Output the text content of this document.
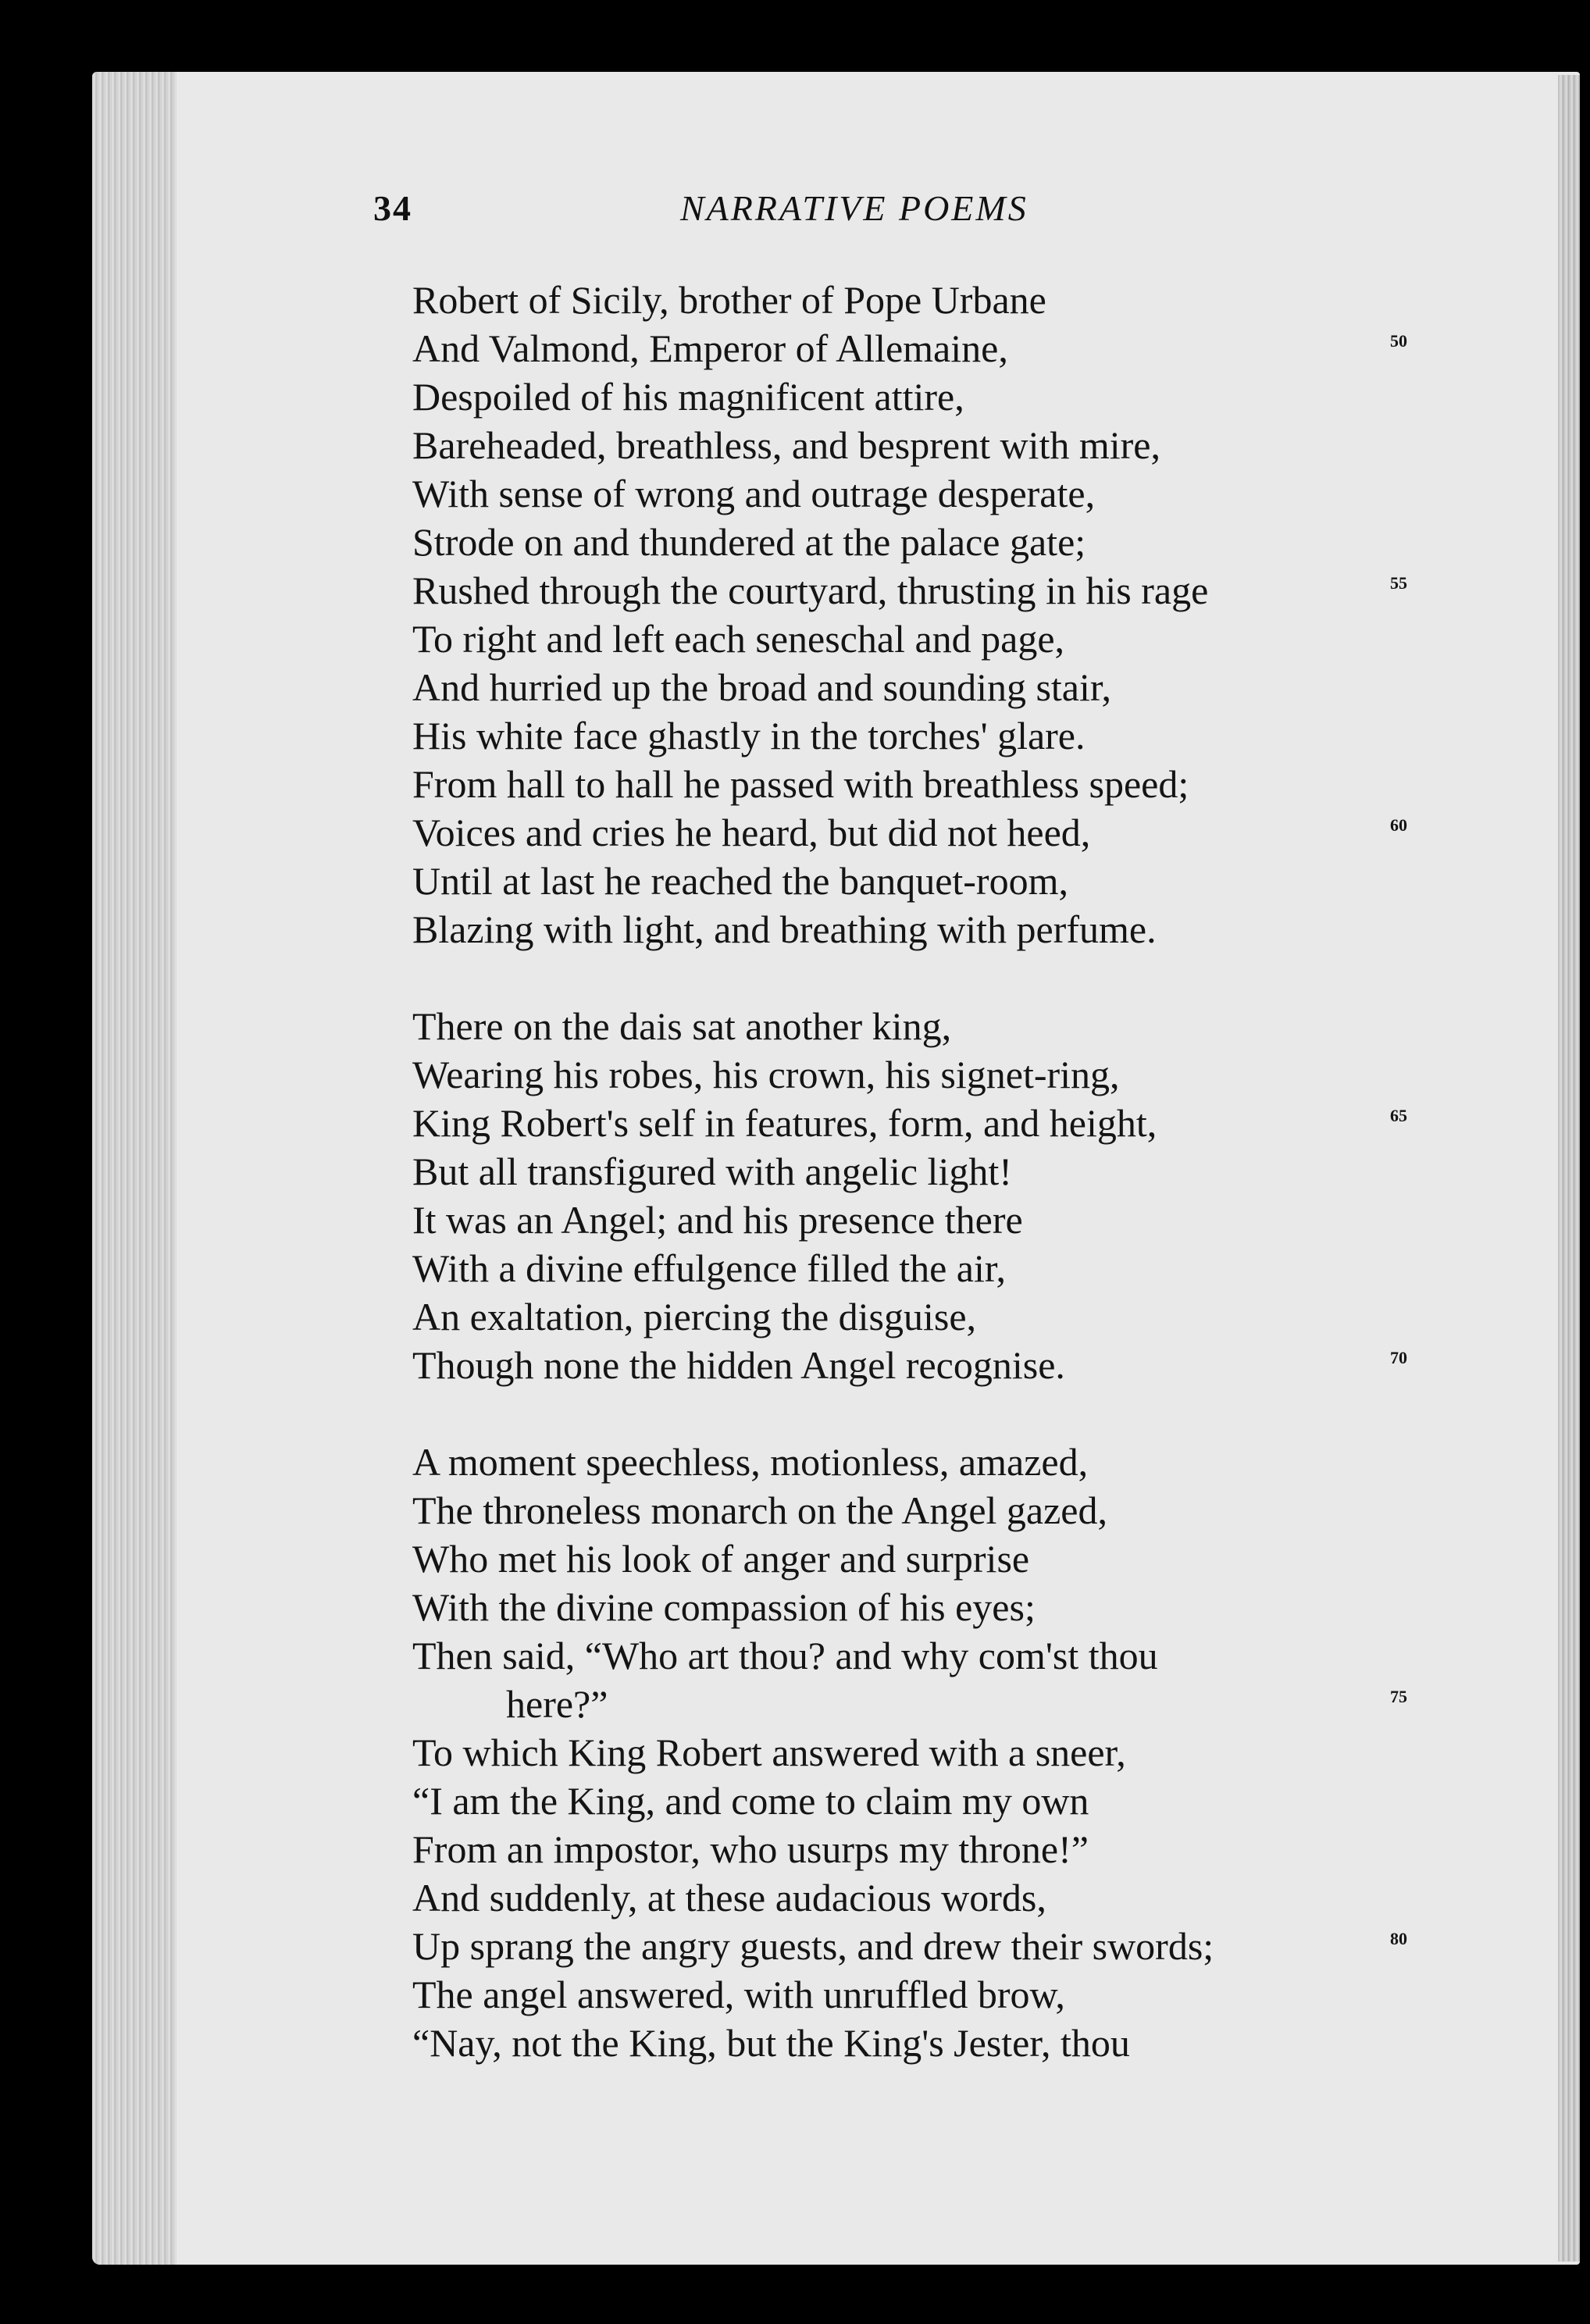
34	NARRATIVE POEMS
Robert of Sicily, brother of Pope Urbane
And Valmond, Emperor of Allemaine,	50
Despoiled of his magnificent attire,
Bareheaded, breathless, and besprent with mire,
With sense of wrong and outrage desperate,
Strode on and thundered at the palace gate;
Rushed through the courtyard, thrusting in his rage	55
To right and left each seneschal and page,
And hurried up the broad and sounding stair,
His white face ghastly in the torches' glare.
From hall to hall he passed with breathless speed;
Voices and cries he heard, but did not heed,	60
Until at last he reached the banquet-room,
Blazing with light, and breathing with perfume.
There on the dais sat another king,
Wearing his robes, his crown, his signet-ring,
King Robert's self in features, form, and height,	65
But all transfigured with angelic light!
It was an Angel; and his presence there
With a divine effulgence filled the air,
An exaltation, piercing the disguise,
Though none the hidden Angel recognise.	70
A moment speechless, motionless, amazed,
The throneless monarch on the Angel gazed,
Who met his look of anger and surprise
With the divine compassion of his eyes;
Then said, “Who art thou? and why com'st thou
here?”	75
To which King Robert answered with a sneer,
“I am the King, and come to claim my own
From an impostor, who usurps my throne!”
And suddenly, at these audacious words,
Up sprang the angry guests, and drew their swords;	80
The angel answered, with unruffled brow,
“Nay, not the King, but the King's Jester, thou
